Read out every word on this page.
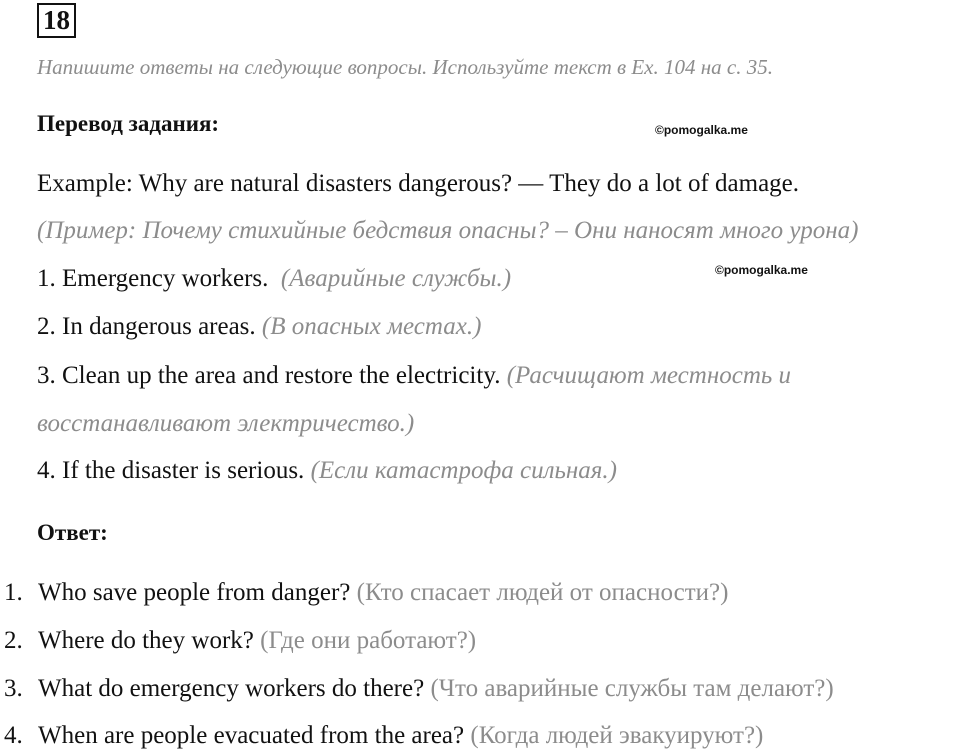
18
Напишите ответы на следующие вопросы. Используйте текст в Ex. 104 на с. 35.
Перевод задания:	©pomogalka.me
Example: Why are natural disasters dangerous? — They do a lot of damage.
(Пример: Почему стихийные бедствия опасны? – Они наносят много урона)
1. Emergency workers. (Аварийные службы.)	©pomogalka.me
2. In dangerous areas. (В опасных местах.)
3. Clean up the area and restore the electricity. (Расчищают местность и
восстанавливают электричество.)
4. If the disaster is serious. (Если катастрофа сильная.)
Ответ:
1. Who save people from danger? (Кто спасает людей от опасности?)
2. Where do they work? (Где они работают?)
3. What do emergency workers do there? (Что аварийные службы там делают?)
4. When are people evacuated from the area? (Когда людей эвакуируют?)
